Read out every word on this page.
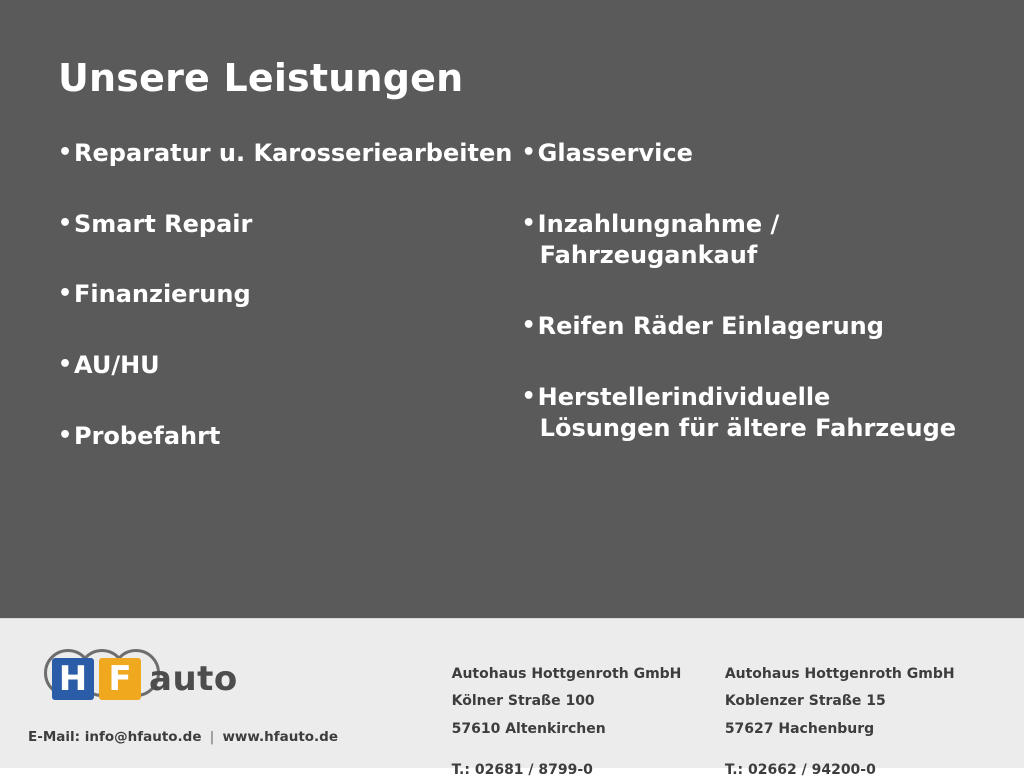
Unsere Leistungen
• Reparatur u. Karosseriearbeiten
• Smart Repair
• Finanzierung
• AU/HU
• Probefahrt
• Glasservice
• Inzahlungnahme /
Fahrzeugankauf
• Reifen Räder Einlagerung
• Herstellerindividuelle
Lösungen für ältere Fahrzeuge
H F auto
E-Mail: info@hfauto.de | www.hfauto.de
Autohaus Hottgenroth GmbH
Kölner Straße 100
57610 Altenkirchen
T.: 02681 / 8799-0
Autohaus Hottgenroth GmbH
Koblenzer Straße 15
57627 Hachenburg
T.: 02662 / 94200-0
